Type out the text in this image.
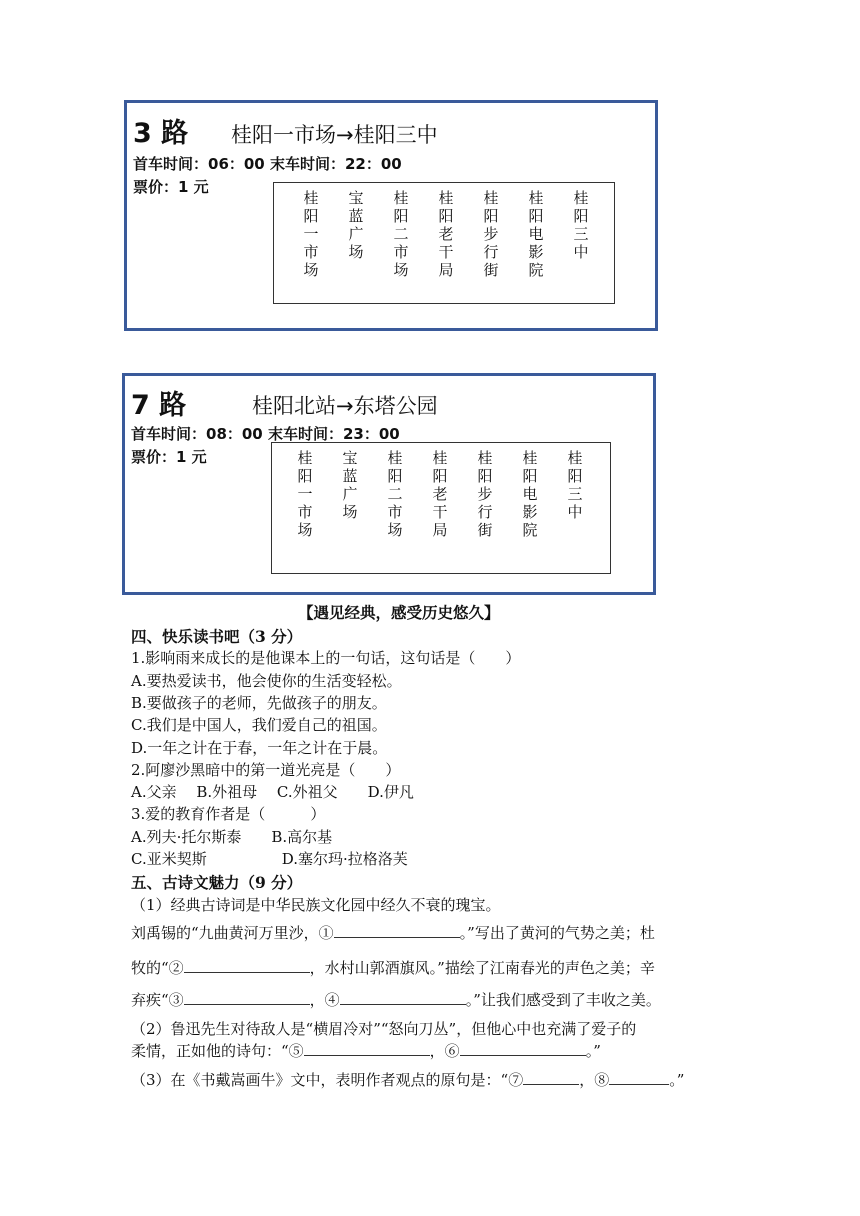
3 路 桂阳一市场→桂阳三中
首车时间：06：00 末车时间：22：00
票价：1 元
桂阳一市场
宝蓝广场
桂阳二市场
桂阳老干局
桂阳步行街
桂阳电影院
桂阳三中
7 路	桂阳北站→东塔公园
首车时间：08：00 末车时间：23：00
票价：1 元	桂阳一市场
宝蓝广场
桂阳二市场
桂阳老干局
桂阳步行街
桂阳电影院
桂阳三中
【遇见经典，感受历史悠久】
四、快乐读书吧（3 分）
1.影响雨来成长的是他课本上的一句话，这句话是（　　）
A.要热爱读书，他会使你的生活变轻松。
B.要做孩子的老师，先做孩子的朋友。
C.我们是中国人，我们爱自己的祖国。
D.一年之计在于春，一年之计在于晨。
2.阿廖沙黑暗中的第一道光亮是（　　）
A.父亲　 B.外祖母　 C.外祖父　　D.伊凡
3.爱的教育作者是（　　　）
A.列夫·托尔斯泰　　B.高尔基
C.亚米契斯　　　　　D.塞尔玛·拉格洛芙
五、古诗文魅力（9 分）
（1）经典古诗词是中华民族文化园中经久不衰的瑰宝。
刘禹锡的“九曲黄河万里沙，①	。”写出了黄河的气势之美；杜
牧的“②	，水村山郭酒旗风。”描绘了江南春光的声色之美；辛
弃疾“③	，④	。”让我们感受到了丰收之美。
（2）鲁迅先生对待敌人是“横眉冷对”“怒向刀丛”，但他心中也充满了爱子的
柔情，正如他的诗句：“⑤	，⑥	。”
（3）在《书戴嵩画牛》文中，表明作者观点的原句是：“⑦	，⑧	。”
